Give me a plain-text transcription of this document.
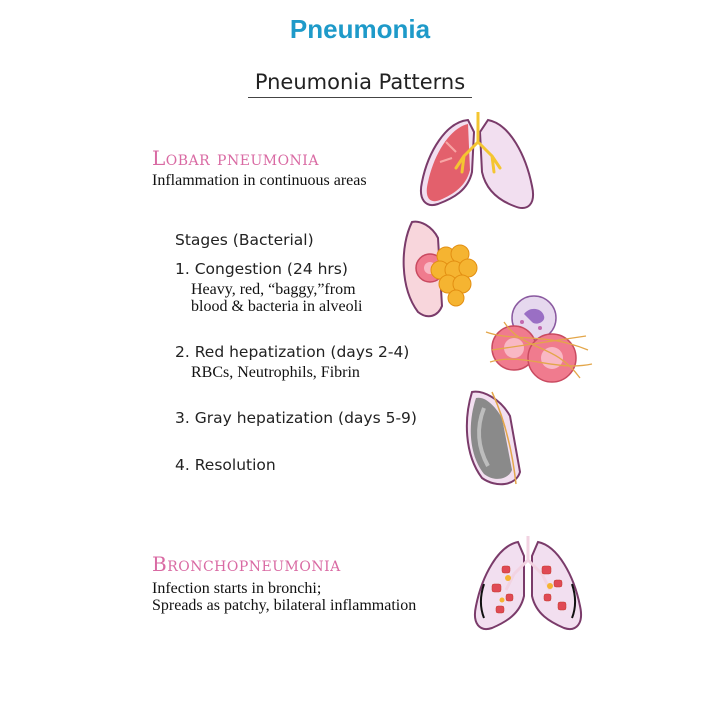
Pneumonia
Pneumonia Patterns
Lobar pneumonia
Inflammation in continuous areas
Stages (Bacterial)
1. Congestion (24 hrs)
Heavy, red, “baggy,”from
blood & bacteria in alveoli
2. Red hepatization (days 2-4)
RBCs, Neutrophils, Fibrin
3. Gray hepatization (days 5-9)
4. Resolution
Bronchopneumonia
Infection starts in bronchi;
Spreads as patchy, bilateral inflammation
